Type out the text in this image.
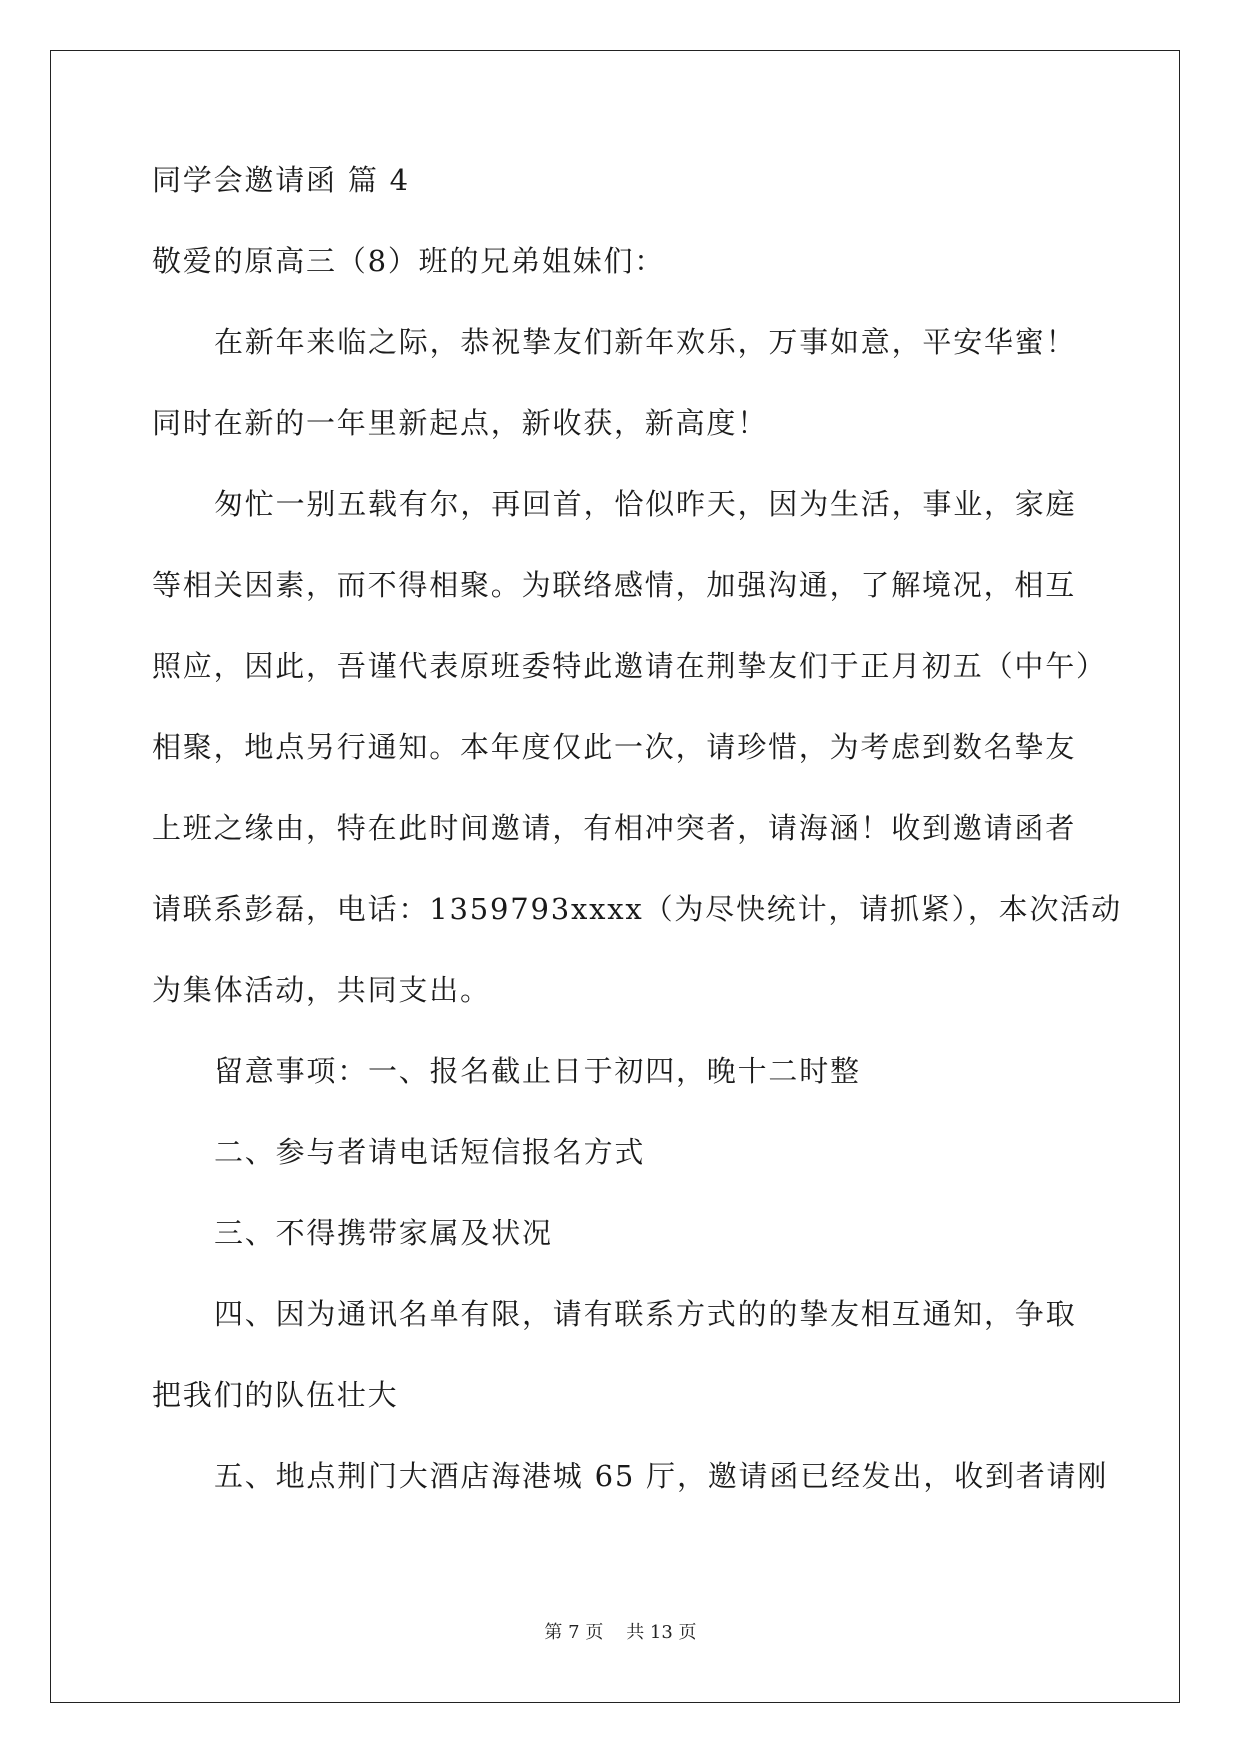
同学会邀请函 篇 4
敬爱的原高三（8）班的兄弟姐妹们：
在新年来临之际，恭祝挚友们新年欢乐，万事如意，平安华蜜！
同时在新的一年里新起点，新收获，新高度！
匆忙一别五载有尔，再回首，恰似昨天，因为生活，事业，家庭
等相关因素，而不得相聚。为联络感情，加强沟通，了解境况，相互
照应，因此，吾谨代表原班委特此邀请在荆挚友们于正月初五（中午）
相聚，地点另行通知。本年度仅此一次，请珍惜，为考虑到数名挚友
上班之缘由，特在此时间邀请，有相冲突者，请海涵！收到邀请函者
请联系彭磊，电话：1359793xxxx（为尽快统计，请抓紧），本次活动
为集体活动，共同支出。
留意事项：一、报名截止日于初四，晚十二时整
二、参与者请电话短信报名方式
三、不得携带家属及状况
四、因为通讯名单有限，请有联系方式的的挚友相互通知，争取
把我们的队伍壮大
五、地点荆门大酒店海港城 65 厅，邀请函已经发出，收到者请刚
第 7 页    共 13 页
